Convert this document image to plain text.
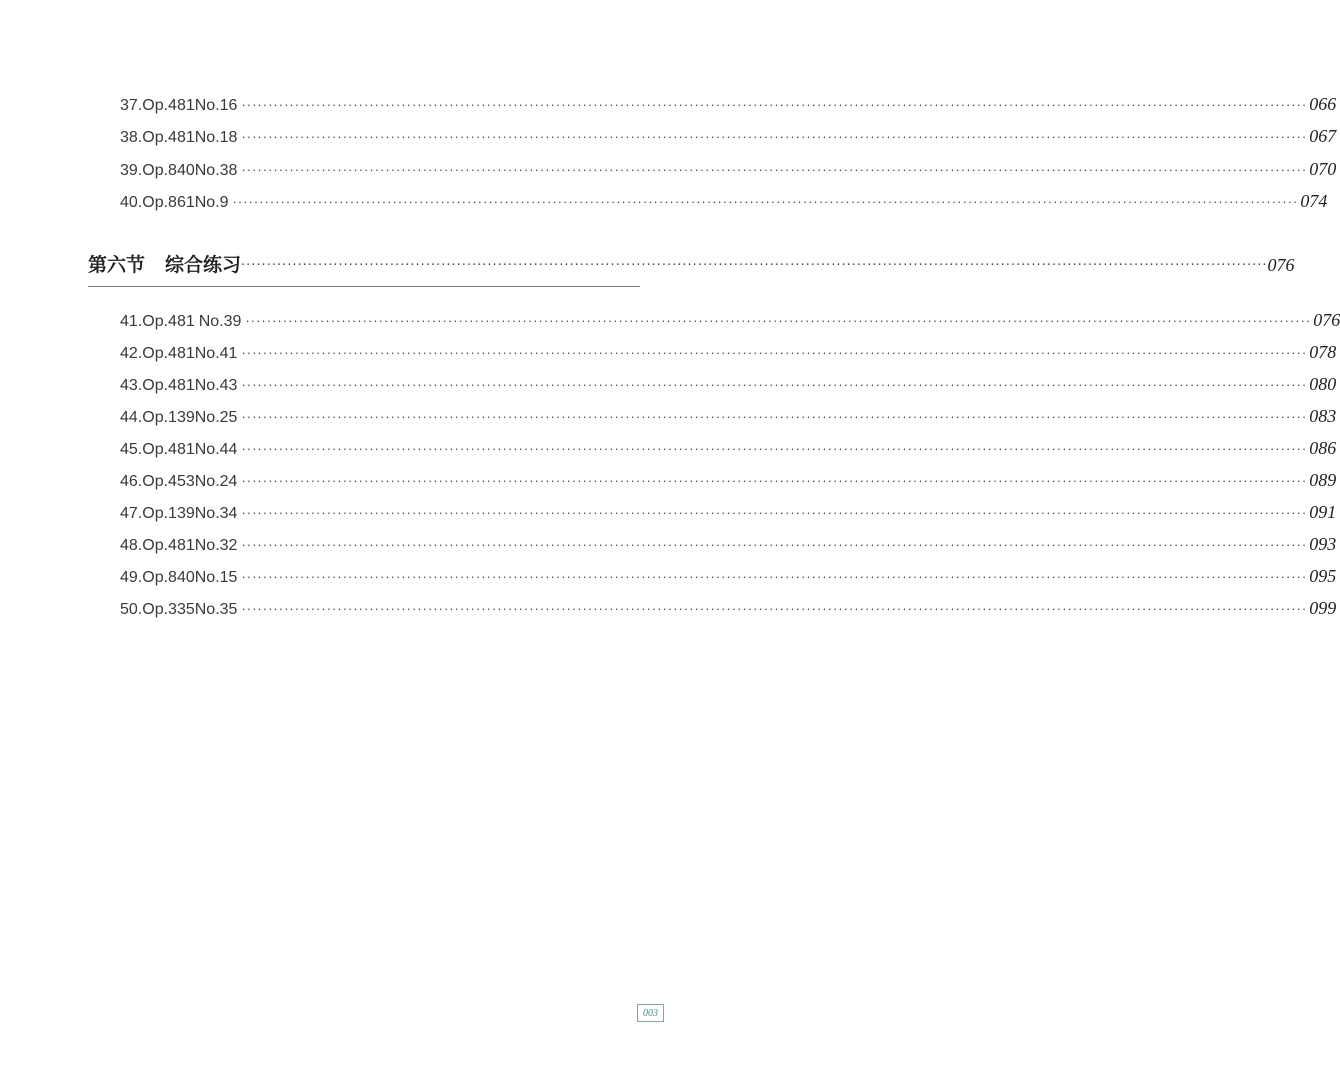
37. Op.481 No.16 ········································································································································································································ 066
38. Op.481 No.18 ········································································································································································································ 067
39. Op.840 No.38 ········································································································································································································ 070
40. Op.861 No.9 ········································································································································································································ 074
第六节	综合练习 ········································································································································································································ 076
41. Op.481 No.39 ········································································································································································································ 076
42. Op.481 No.41 ········································································································································································································ 078
43. Op.481 No.43 ········································································································································································································ 080
44. Op.139 No.25 ········································································································································································································ 083
45. Op.481 No.44 ········································································································································································································ 086
46. Op.453 No.24 ········································································································································································································ 089
47. Op.139 No.34 ········································································································································································································ 091
48. Op.481 No.32 ········································································································································································································ 093
49. Op.840 No.15 ········································································································································································································ 095
50. Op.335 No.35 ········································································································································································································ 099
003
